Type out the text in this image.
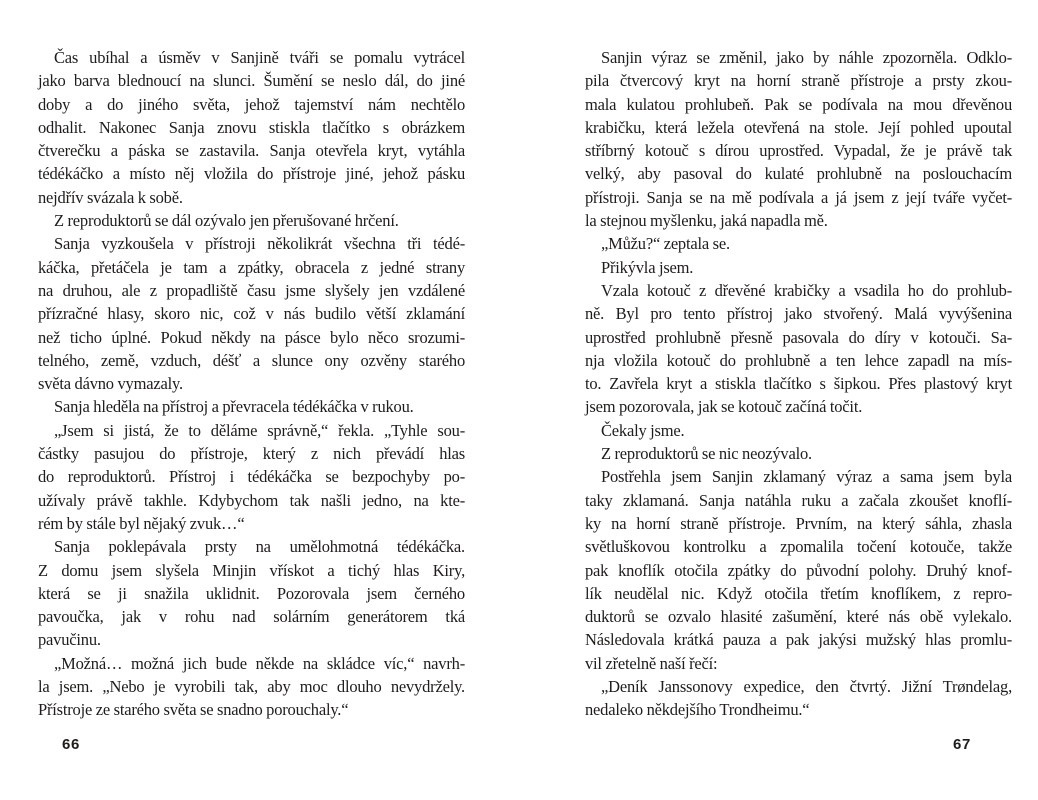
Čas ubíhal a úsměv v Sanjině tváři se pomalu vytrácel
jako barva blednoucí na slunci. Šumění se neslo dál, do jiné
doby a do jiného světa, jehož tajemství nám nechtělo
odhalit. Nakonec Sanja znovu stiskla tlačítko s obrázkem
čtverečku a páska se zastavila. Sanja otevřela kryt, vytáhla
tédékáčko a místo něj vložila do přístroje jiné, jehož pásku
nejdřív svázala k sobě.
Z reproduktorů se dál ozývalo jen přerušované hrčení.
Sanja vyzkoušela v přístroji několikrát všechna tři tédé-
káčka, přetáčela je tam a zpátky, obracela z jedné strany
na druhou, ale z propadliště času jsme slyšely jen vzdálené
přízračné hlasy, skoro nic, což v nás budilo větší zklamání
než ticho úplné. Pokud někdy na pásce bylo něco srozumi-
telného, země, vzduch, déšť a slunce ony ozvěny starého
světa dávno vymazaly.
Sanja hleděla na přístroj a převracela tédékáčka v rukou.
„Jsem si jistá, že to děláme správně,“ řekla. „Tyhle sou-
částky pasujou do přístroje, který z nich převádí hlas
do reproduktorů. Přístroj i tédékáčka se bezpochyby po-
užívaly právě takhle. Kdybychom tak našli jedno, na kte-
rém by stále byl nějaký zvuk…“
Sanja poklepávala prsty na umělohmotná tédékáčka.
Z domu jsem slyšela Minjin vřískot a tichý hlas Kiry,
která se ji snažila uklidnit. Pozorovala jsem černého
pavoučka, jak v rohu nad solárním generátorem tká
pavučinu.
„Možná… možná jich bude někde na skládce víc,“ navrh-
la jsem. „Nebo je vyrobili tak, aby moc dlouho nevydržely.
Přístroje ze starého světa se snadno porouchaly.“
Sanjin výraz se změnil, jako by náhle zpozorněla. Odklo-
pila čtvercový kryt na horní straně přístroje a prsty zkou-
mala kulatou prohlubeň. Pak se podívala na mou dřevěnou
krabičku, která ležela otevřená na stole. Její pohled upoutal
stříbrný kotouč s dírou uprostřed. Vypadal, že je právě tak
velký, aby pasoval do kulaté prohlubně na poslouchacím
přístroji. Sanja se na mě podívala a já jsem z její tváře vyčet-
la stejnou myšlenku, jaká napadla mě.
„Můžu?“ zeptala se.
Přikývla jsem.
Vzala kotouč z dřevěné krabičky a vsadila ho do prohlub-
ně. Byl pro tento přístroj jako stvořený. Malá vyvýšenina
uprostřed prohlubně přesně pasovala do díry v kotouči. Sa-
nja vložila kotouč do prohlubně a ten lehce zapadl na mís-
to. Zavřela kryt a stiskla tlačítko s šipkou. Přes plastový kryt
jsem pozorovala, jak se kotouč začíná točit.
Čekaly jsme.
Z reproduktorů se nic neozývalo.
Postřehla jsem Sanjin zklamaný výraz a sama jsem byla
taky zklamaná. Sanja natáhla ruku a začala zkoušet knoflí-
ky na horní straně přístroje. Prvním, na který sáhla, zhasla
světluškovou kontrolku a zpomalila točení kotouče, takže
pak knoflík otočila zpátky do původní polohy. Druhý knof-
lík neudělal nic. Když otočila třetím knoflíkem, z repro-
duktorů se ozvalo hlasité zašumění, které nás obě vylekalo.
Následovala krátká pauza a pak jakýsi mužský hlas promlu-
vil zřetelně naší řečí:
„Deník Janssonovy expedice, den čtvrtý. Jižní Trøndelag,
nedaleko někdejšího Trondheimu.“
66	67
